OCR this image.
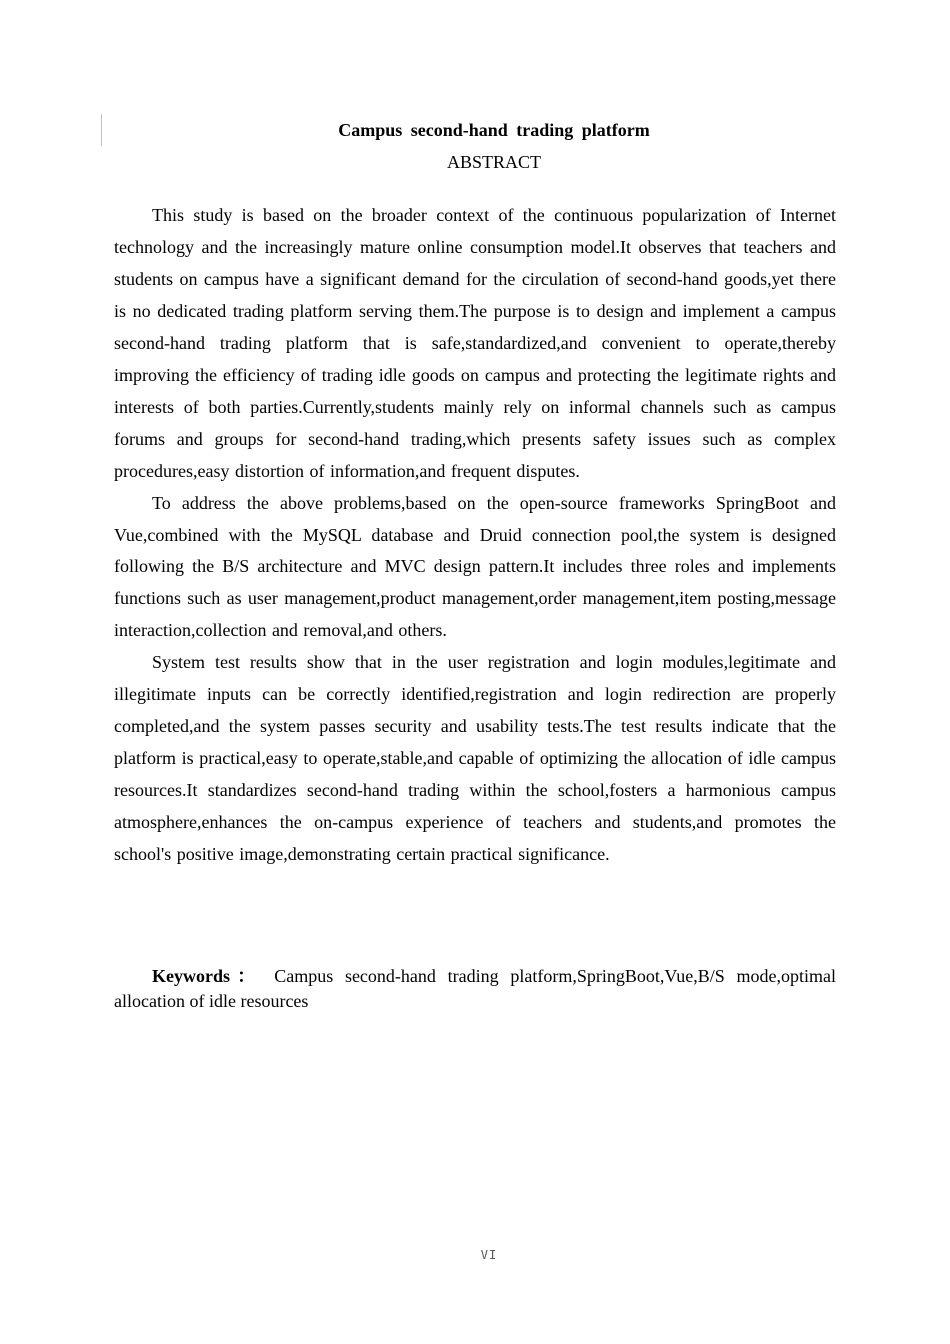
Campus second-hand trading platform
ABSTRACT

This study is based on the broader context of the continuous popularization of Internet technology and the increasingly mature online consumption model.It observes that teachers and students on campus have a significant demand for the circulation of second-hand goods,yet there is no dedicated trading platform serving them.The purpose is to design and implement a campus second-hand trading platform that is safe,standardized,and convenient to operate,thereby improving the efficiency of trading idle goods on campus and protecting the legitimate rights and interests of both parties.Currently,students mainly rely on informal channels such as campus forums and groups for second-hand trading,which presents safety issues such as complex procedures,easy distortion of information,and frequent disputes.

To address the above problems,based on the open-source frameworks SpringBoot and Vue,combined with the MySQL database and Druid connection pool,the system is designed following the B/S architecture and MVC design pattern.It includes three roles and implements functions such as user management,product management,order management,item posting,message interaction,collection and removal,and others.

System test results show that in the user registration and login modules,legitimate and illegitimate inputs can be correctly identified,registration and login redirection are properly completed,and the system passes security and usability tests.The test results indicate that the platform is practical,easy to operate,stable,and capable of optimizing the allocation of idle campus resources.It standardizes second-hand trading within the school,fosters a harmonious campus atmosphere,enhances the on-campus experience of teachers and students,and promotes the school's positive image,demonstrating certain practical significance.

Keywords： Campus second-hand trading platform,SpringBoot,Vue,B/S mode,optimal allocation of idle resources
VI
